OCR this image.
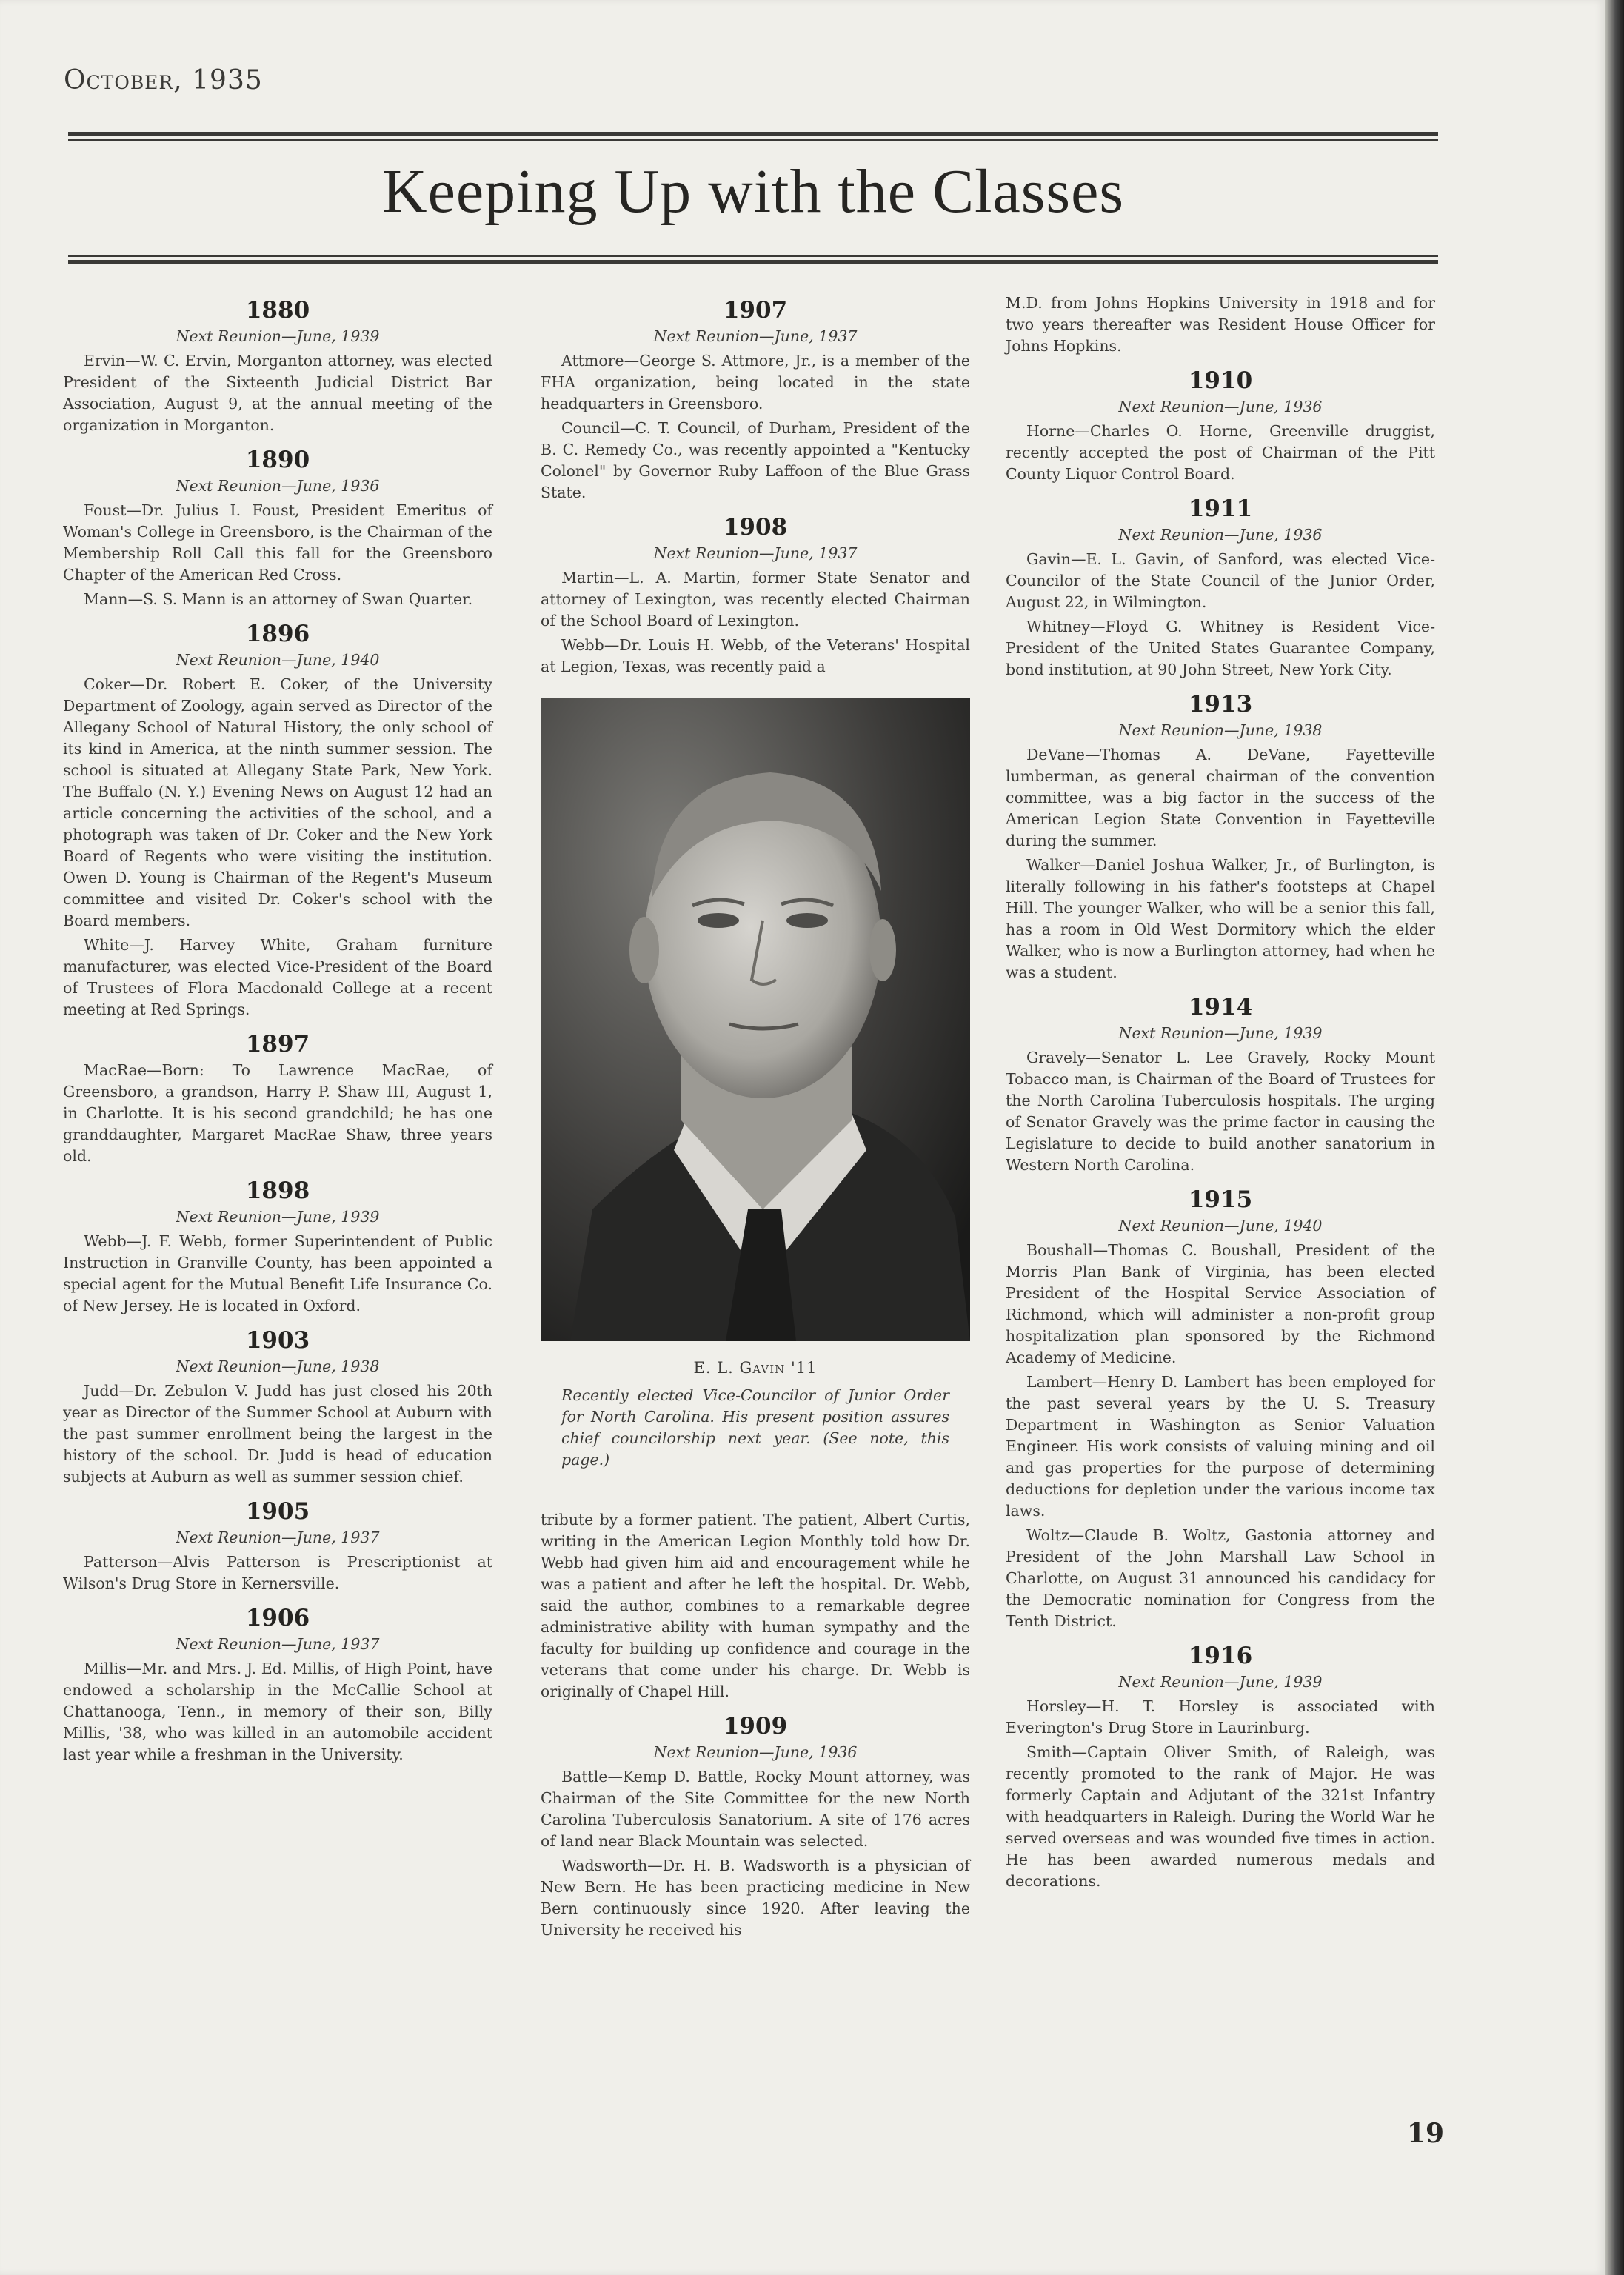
October, 1935
Keeping Up with the Classes
1880
Next Reunion—June, 1939

Ervin—W. C. Ervin, Morganton attorney, was elected President of the Sixteenth Judicial District Bar Association, August 9, at the annual meeting of the organization in Morganton.

1890
Next Reunion—June, 1936

Foust—Dr. Julius I. Foust, President Emeritus of Woman's College in Greensboro, is the Chairman of the Membership Roll Call this fall for the Greensboro Chapter of the American Red Cross.

Mann—S. S. Mann is an attorney of Swan Quarter.

1896
Next Reunion—June, 1940

Coker—Dr. Robert E. Coker, of the University Department of Zoology, again served as Director of the Allegany School of Natural History, the only school of its kind in America, at the ninth summer session. The school is situated at Allegany State Park, New York. The Buffalo (N. Y.) Evening News on August 12 had an article concerning the activities of the school, and a photograph was taken of Dr. Coker and the New York Board of Regents who were visiting the institution. Owen D. Young is Chairman of the Regent's Museum committee and visited Dr. Coker's school with the Board members.

White—J. Harvey White, Graham furniture manufacturer, was elected Vice-President of the Board of Trustees of Flora Macdonald College at a recent meeting at Red Springs.

1897

MacRae—Born: To Lawrence MacRae, of Greensboro, a grandson, Harry P. Shaw III, August 1, in Charlotte. It is his second grandchild; he has one granddaughter, Margaret MacRae Shaw, three years old.

1898
Next Reunion—June, 1939

Webb—J. F. Webb, former Superintendent of Public Instruction in Granville County, has been appointed a special agent for the Mutual Benefit Life Insurance Co. of New Jersey. He is located in Oxford.

1903
Next Reunion—June, 1938

Judd—Dr. Zebulon V. Judd has just closed his 20th year as Director of the Summer School at Auburn with the past summer enrollment being the largest in the history of the school. Dr. Judd is head of education subjects at Auburn as well as summer session chief.

1905
Next Reunion—June, 1937

Patterson—Alvis Patterson is Prescriptionist at Wilson's Drug Store in Kernersville.

1906
Next Reunion—June, 1937

Millis—Mr. and Mrs. J. Ed. Millis, of High Point, have endowed a scholarship in the McCallie School at Chattanooga, Tenn., in memory of their son, Billy Millis, '38, who was killed in an automobile accident last year while a freshman in the University.

1907
Next Reunion—June, 1937

Attmore—George S. Attmore, Jr., is a member of the FHA organization, being located in the state headquarters in Greensboro.

Council—C. T. Council, of Durham, President of the B. C. Remedy Co., was recently appointed a "Kentucky Colonel" by Governor Ruby Laffoon of the Blue Grass State.

1908
Next Reunion—June, 1937

Martin—L. A. Martin, former State Senator and attorney of Lexington, was recently elected Chairman of the School Board of Lexington.

Webb—Dr. Louis H. Webb, of the Veterans' Hospital at Legion, Texas, was recently paid a

E. L. Gavin '11
Recently elected Vice-Councilor of Junior Order for North Carolina. His present position assures chief councilorship next year. (See note, this page.)

tribute by a former patient. The patient, Albert Curtis, writing in the American Legion Monthly told how Dr. Webb had given him aid and encouragement while he was a patient and after he left the hospital. Dr. Webb, said the author, combines to a remarkable degree administrative ability with human sympathy and the faculty for building up confidence and courage in the veterans that come under his charge. Dr. Webb is originally of Chapel Hill.

1909
Next Reunion—June, 1936

Battle—Kemp D. Battle, Rocky Mount attorney, was Chairman of the Site Committee for the new North Carolina Tuberculosis Sanatorium. A site of 176 acres of land near Black Mountain was selected.

Wadsworth—Dr. H. B. Wadsworth is a physician of New Bern. He has been practicing medicine in New Bern continuously since 1920. After leaving the University he received his

M.D. from Johns Hopkins University in 1918 and for two years thereafter was Resident House Officer for Johns Hopkins.

1910
Next Reunion—June, 1936

Horne—Charles O. Horne, Greenville druggist, recently accepted the post of Chairman of the Pitt County Liquor Control Board.

1911
Next Reunion—June, 1936

Gavin—E. L. Gavin, of Sanford, was elected Vice-Councilor of the State Council of the Junior Order, August 22, in Wilmington.

Whitney—Floyd G. Whitney is Resident Vice-President of the United States Guarantee Company, bond institution, at 90 John Street, New York City.

1913
Next Reunion—June, 1938

DeVane—Thomas A. DeVane, Fayetteville lumberman, as general chairman of the convention committee, was a big factor in the success of the American Legion State Convention in Fayetteville during the summer.

Walker—Daniel Joshua Walker, Jr., of Burlington, is literally following in his father's footsteps at Chapel Hill. The younger Walker, who will be a senior this fall, has a room in Old West Dormitory which the elder Walker, who is now a Burlington attorney, had when he was a student.

1914
Next Reunion—June, 1939

Gravely—Senator L. Lee Gravely, Rocky Mount Tobacco man, is Chairman of the Board of Trustees for the North Carolina Tuberculosis hospitals. The urging of Senator Gravely was the prime factor in causing the Legislature to decide to build another sanatorium in Western North Carolina.

1915
Next Reunion—June, 1940

Boushall—Thomas C. Boushall, President of the Morris Plan Bank of Virginia, has been elected President of the Hospital Service Association of Richmond, which will administer a non-profit group hospitalization plan sponsored by the Richmond Academy of Medicine.

Lambert—Henry D. Lambert has been employed for the past several years by the U. S. Treasury Department in Washington as Senior Valuation Engineer. His work consists of valuing mining and oil and gas properties for the purpose of determining deductions for depletion under the various income tax laws.

Woltz—Claude B. Woltz, Gastonia attorney and President of the John Marshall Law School in Charlotte, on August 31 announced his candidacy for the Democratic nomination for Congress from the Tenth District.

1916
Next Reunion—June, 1939

Horsley—H. T. Horsley is associated with Everington's Drug Store in Laurinburg.

Smith—Captain Oliver Smith, of Raleigh, was recently promoted to the rank of Major. He was formerly Captain and Adjutant of the 321st Infantry with headquarters in Raleigh. During the World War he served overseas and was wounded five times in action. He has been awarded numerous medals and decorations.

19
